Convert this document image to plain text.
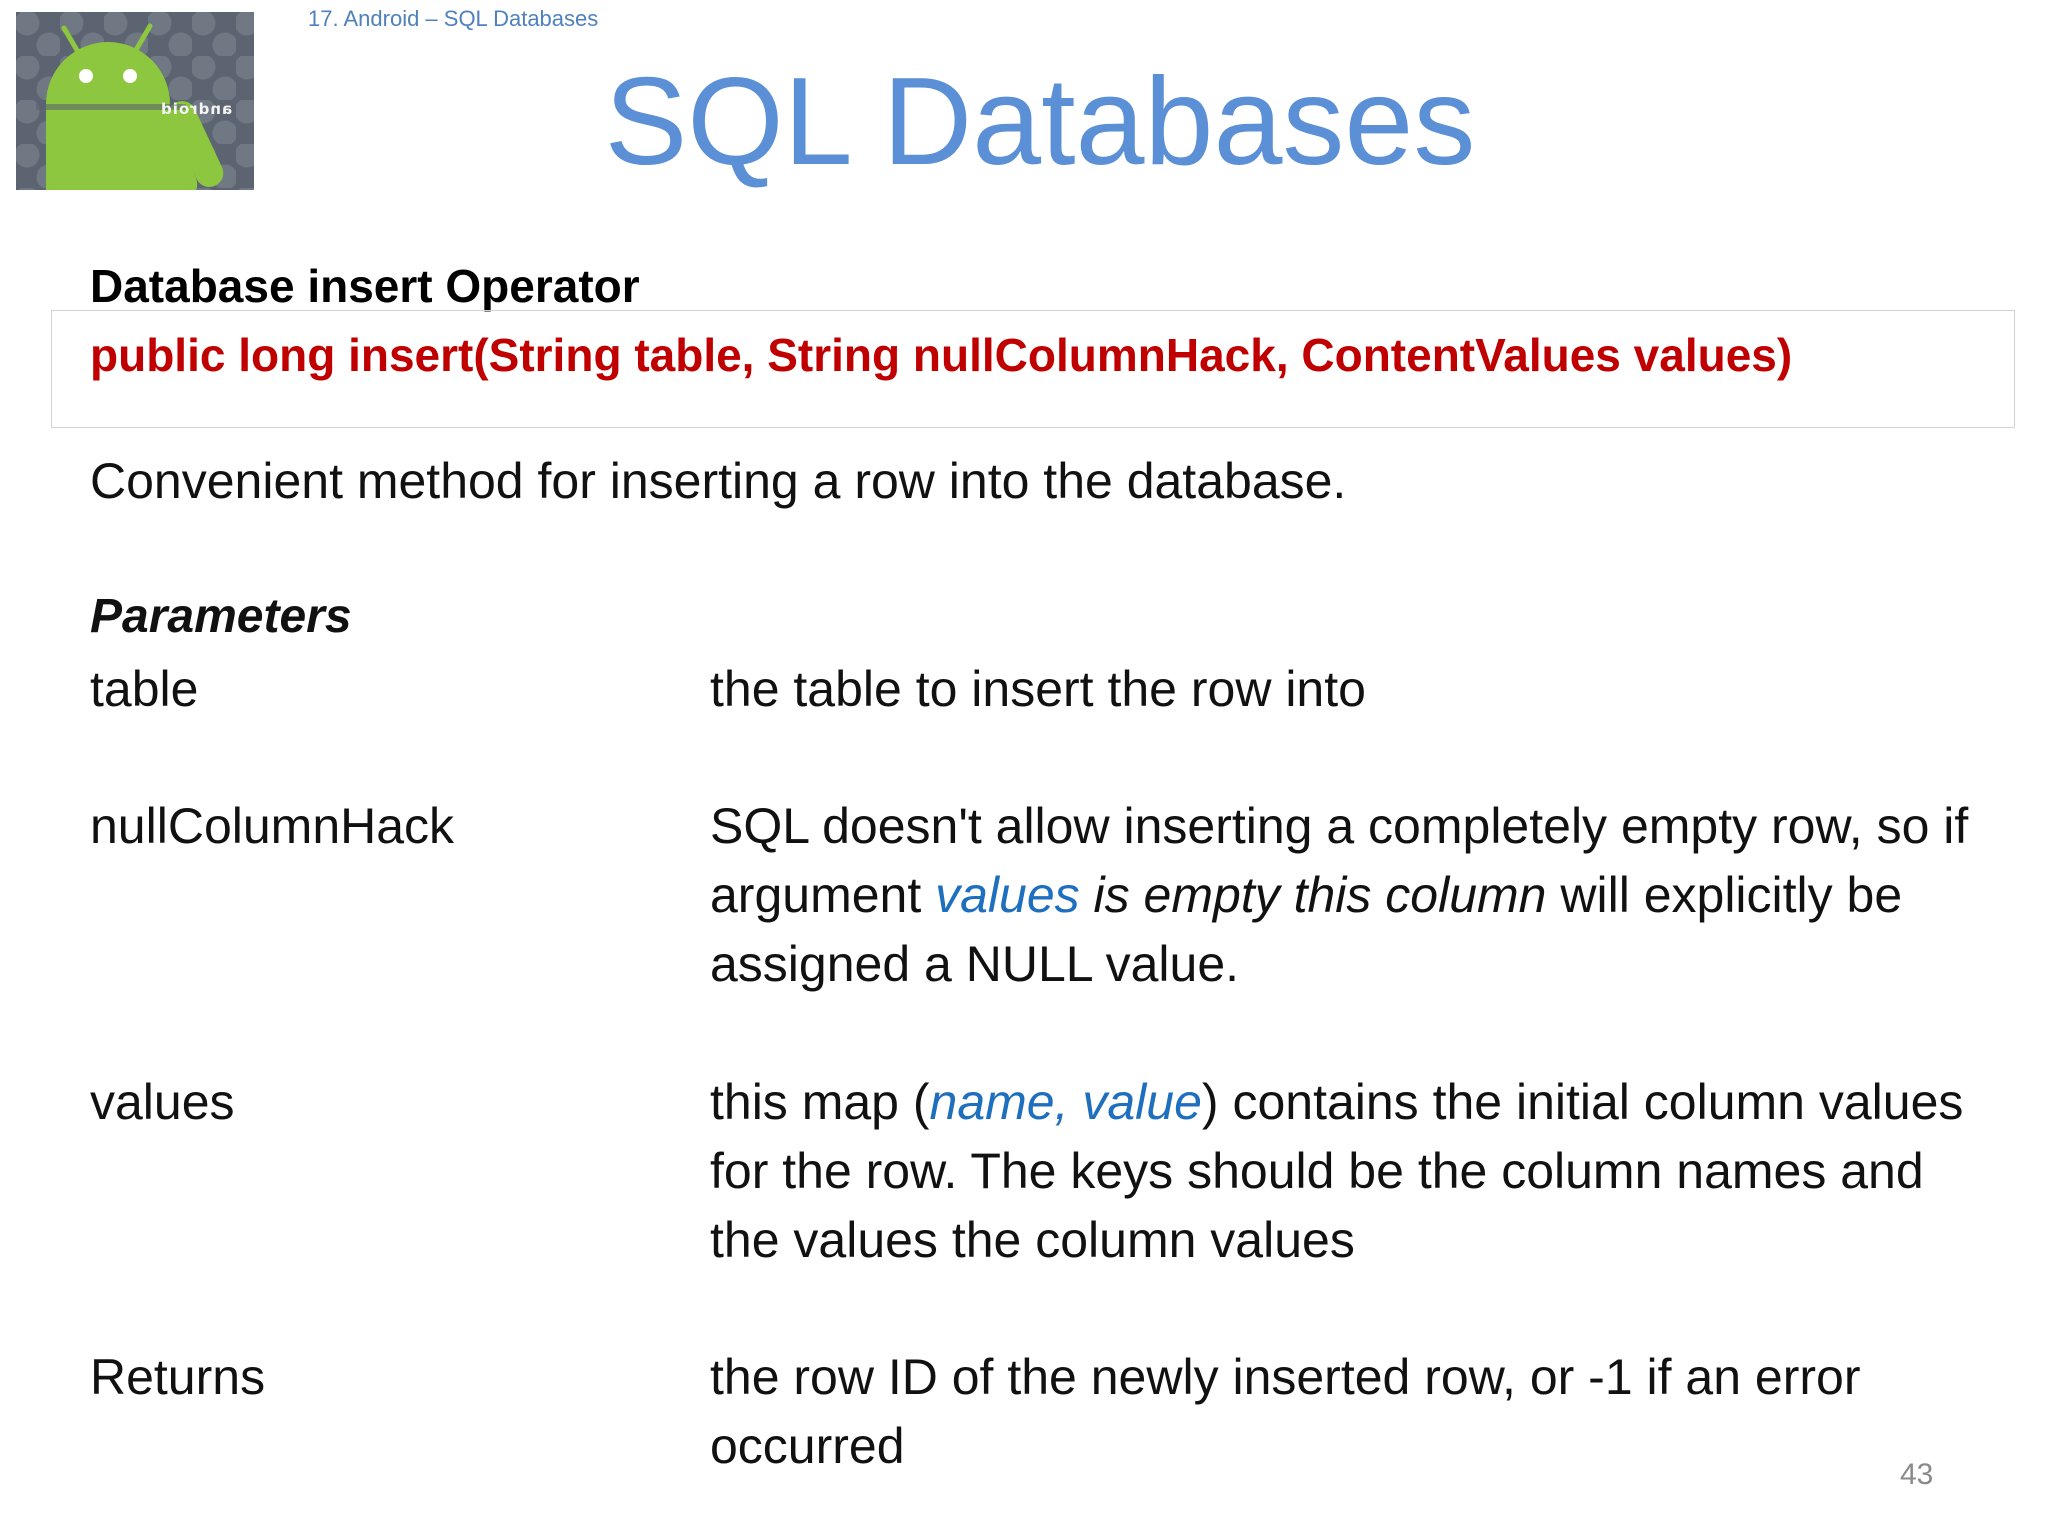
android
17. Android – SQL Databases
SQL Databases
Database insert Operator
public long insert(String table, String nullColumnHack, ContentValues values)
Convenient method for inserting a row into the database.
Parameters
table	the table to insert the row into
nullColumnHack	SQL doesn't allow inserting a completely empty row, so if argument values is empty this column will explicitly be assigned a NULL value.
values	this map (name, value) contains the initial column values for the row. The keys should be the column names and the values the column values
Returns	the row ID of the newly inserted row, or -1 if an error occurred
43
